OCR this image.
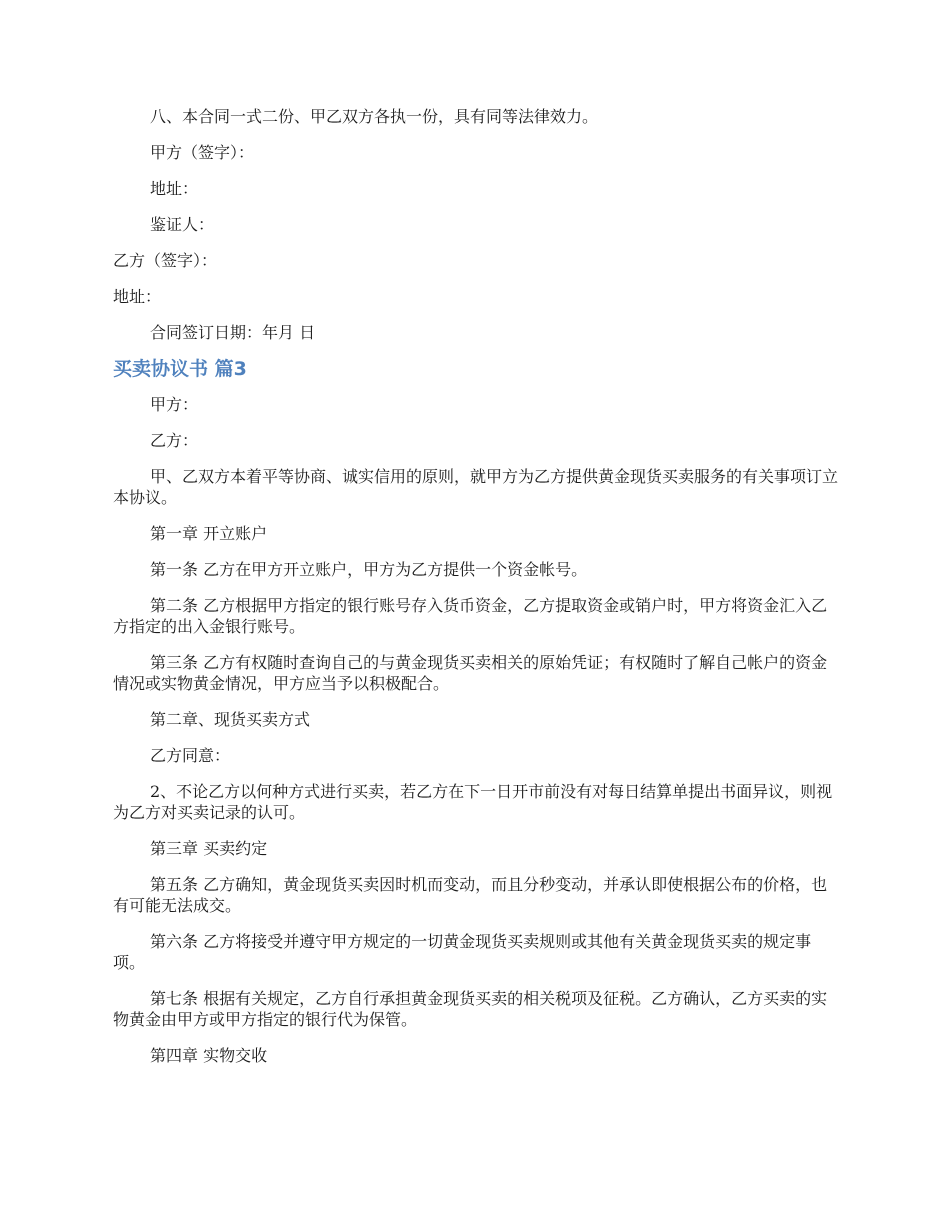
八、本合同一式二份、甲乙双方各执一份，具有同等法律效力。

甲方（签字）：

地址：

鉴证人：

乙方（签字）：

地址：

合同签订日期：年月 日

买卖协议书 篇3

甲方：

乙方：

甲、乙双方本着平等协商、诚实信用的原则，就甲方为乙方提供黄金现货买卖服务的有关事项订立本协议。

第一章 开立账户

第一条 乙方在甲方开立账户，甲方为乙方提供一个资金帐号。

第二条 乙方根据甲方指定的银行账号存入货币资金，乙方提取资金或销户时，甲方将资金汇入乙方指定的出入金银行账号。

第三条 乙方有权随时查询自己的与黄金现货买卖相关的原始凭证；有权随时了解自己帐户的资金情况或实物黄金情况，甲方应当予以积极配合。

第二章、现货买卖方式

乙方同意：

2、不论乙方以何种方式进行买卖，若乙方在下一日开市前没有对每日结算单提出书面异议，则视为乙方对买卖记录的认可。

第三章 买卖约定

第五条 乙方确知，黄金现货买卖因时机而变动，而且分秒变动，并承认即使根据公布的价格，也有可能无法成交。

第六条 乙方将接受并遵守甲方规定的一切黄金现货买卖规则或其他有关黄金现货买卖的规定事项。

第七条 根据有关规定，乙方自行承担黄金现货买卖的相关税项及征税。乙方确认，乙方买卖的实物黄金由甲方或甲方指定的银行代为保管。

第四章 实物交收
